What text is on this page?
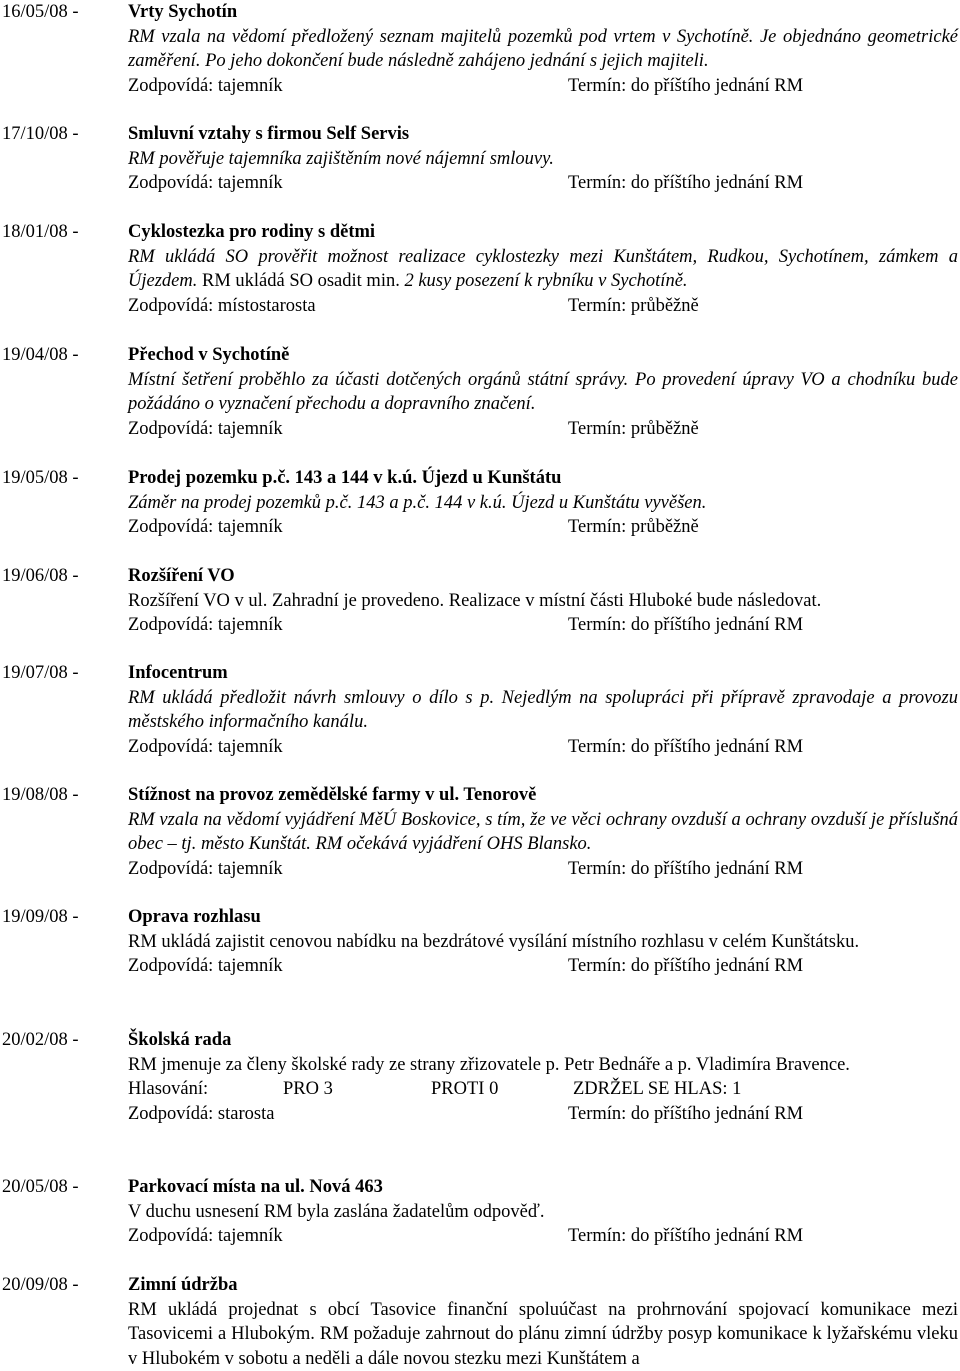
16/05/08 -	Vrty Sychotín
RM vzala na vědomí předložený seznam majitelů pozemků pod vrtem v Sychotíně. Je objednáno geometrické zaměření. Po jeho dokončení bude následně zahájeno jednání s jejich majiteli.
Zodpovídá: tajemník	Termín: do příštího jednání RM
17/10/08 -	Smluvní vztahy s firmou Self Servis
RM pověřuje tajemníka zajištěním nové nájemní smlouvy.
Zodpovídá: tajemník	Termín: do příštího jednání RM
18/01/08 -	Cyklostezka pro rodiny s dětmi
RM ukládá SO prověřit možnost realizace cyklostezky mezi Kunštátem, Rudkou, Sychotínem, zámkem a Újezdem. RM ukládá SO osadit min. 2 kusy posezení k rybníku v Sychotíně.
Zodpovídá: místostarosta	Termín: průběžně
19/04/08 -	Přechod v Sychotíně
Místní šetření proběhlo za účasti dotčených orgánů státní správy. Po provedení úpravy VO a chodníku bude požádáno o vyznačení přechodu a dopravního značení.
Zodpovídá: tajemník	Termín: průběžně
19/05/08 -	Prodej pozemku p.č. 143 a 144 v k.ú. Újezd u Kunštátu
Záměr na prodej pozemků p.č. 143 a p.č. 144 v k.ú. Újezd u Kunštátu vyvěšen.
Zodpovídá: tajemník	Termín: průběžně
19/06/08 -	Rozšíření VO
Rozšíření VO v ul. Zahradní je provedeno. Realizace v místní části Hluboké bude následovat.
Zodpovídá: tajemník	Termín: do příštího jednání RM
19/07/08 -	Infocentrum
RM ukládá předložit návrh smlouvy o dílo s p. Nejedlým na spolupráci při přípravě zpravodaje a provozu městského informačního kanálu.
Zodpovídá: tajemník	Termín: do příštího jednání RM
19/08/08 -	Stížnost na provoz zemědělské farmy v ul. Tenorově
RM vzala na vědomí vyjádření MěÚ Boskovice, s tím, že ve věci ochrany ovzduší a ochrany ovzduší je příslušná obec – tj. město Kunštát. RM očekává vyjádření OHS Blansko.
Zodpovídá: tajemník	Termín: do příštího jednání RM
19/09/08 -	Oprava rozhlasu
RM ukládá zajistit cenovou nabídku na bezdrátové vysílání místního rozhlasu v celém Kunštátsku.
Zodpovídá: tajemník	Termín: do příštího jednání RM
20/02/08 -	Školská rada
RM jmenuje za členy školské rady ze strany zřizovatele p. Petr Bednáře a p. Vladimíra Bravence.
Hlasování:	PRO 3	PROTI 0	ZDRŽEL SE HLAS: 1
Zodpovídá: starosta	Termín: do příštího jednání RM
20/05/08 -	Parkovací místa na ul. Nová 463
V duchu usnesení RM byla zaslána žadatelům odpověď.
Zodpovídá: tajemník	Termín: do příštího jednání RM
20/09/08 -	Zimní údržba
RM ukládá projednat s obcí Tasovice finanční spoluúčast na prohrnování spojovací komunikace mezi Tasovicemi a Hlubokým. RM požaduje zahrnout do plánu zimní údržby posyp komunikace k lyžařskému vleku v Hlubokém v sobotu a neděli a dále novou stezku mezi Kunštátem a
